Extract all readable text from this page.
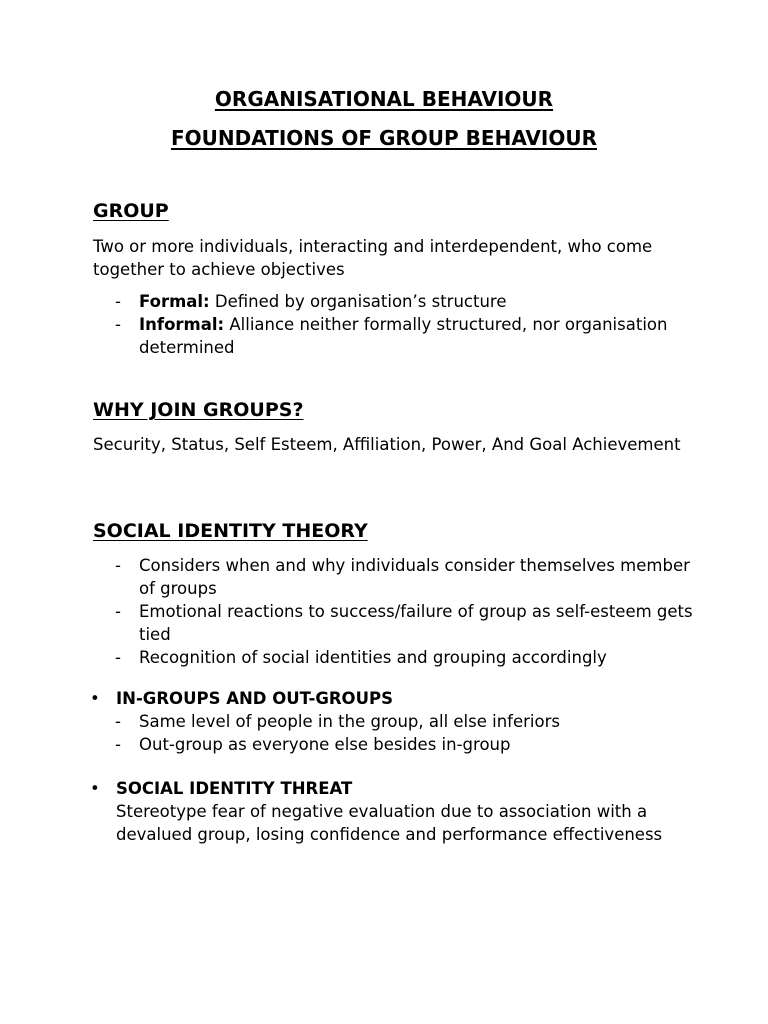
ORGANISATIONAL BEHAVIOUR
FOUNDATIONS OF GROUP BEHAVIOUR
GROUP

Two or more individuals, interacting and interdependent, who come together to achieve objectives

- Formal: Defined by organisation’s structure
- Informal: Alliance neither formally structured, nor organisation determined
WHY JOIN GROUPS?

Security, Status, Self Esteem, Affiliation, Power, And Goal Achievement

SOCIAL IDENTITY THEORY
- Considers when and why individuals consider themselves member of groups
- Emotional reactions to success/failure of group as self-esteem gets tied
- Recognition of social identities and grouping accordingly

• IN-GROUPS AND OUT-GROUPS

- Same level of people in the group, all else inferiors
- Out-group as everyone else besides in-group

• SOCIAL IDENTITY THREAT

Stereotype fear of negative evaluation due to association with a devalued group, losing confidence and performance effectiveness
